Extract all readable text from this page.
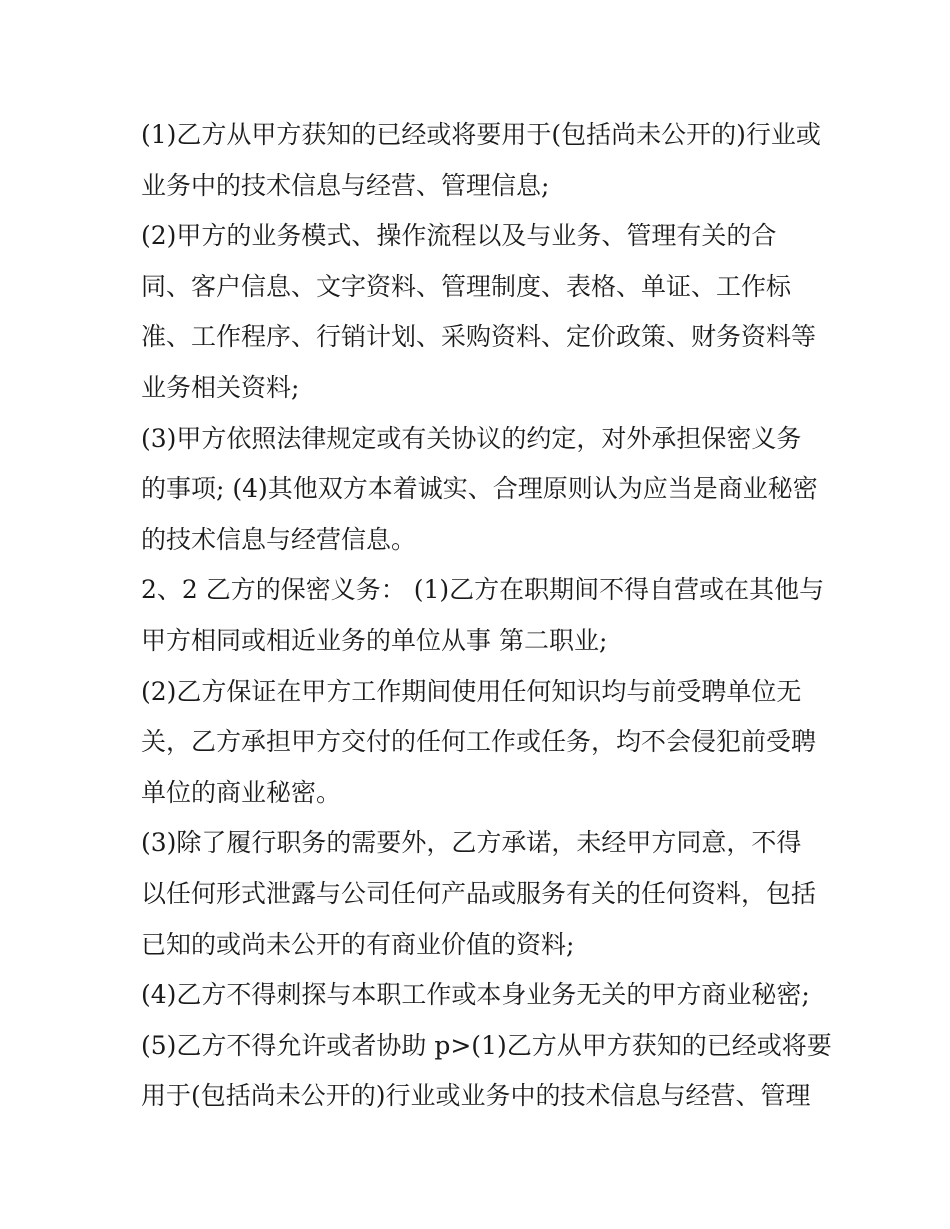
(1)乙方从甲方获知的已经或将要用于(包括尚未公开的)行业或
业务中的技术信息与经营、管理信息;
(2)甲方的业务模式、操作流程以及与业务、管理有关的合
同、客户信息、文字资料、管理制度、表格、单证、工作标
准、工作程序、行销计划、采购资料、定价政策、财务资料等
业务相关资料;
(3)甲方依照法律规定或有关协议的约定，对外承担保密义务
的事项; (4)其他双方本着诚实、合理原则认为应当是商业秘密
的技术信息与经营信息。
2、2 乙方的保密义务： (1)乙方在职期间不得自营或在其他与
甲方相同或相近业务的单位从事 第二职业;
(2)乙方保证在甲方工作期间使用任何知识均与前受聘单位无
关，乙方承担甲方交付的任何工作或任务，均不会侵犯前受聘
单位的商业秘密。
(3)除了履行职务的需要外，乙方承诺，未经甲方同意，不得
以任何形式泄露与公司任何产品或服务有关的任何资料，包括
已知的或尚未公开的有商业价值的资料;
(4)乙方不得刺探与本职工作或本身业务无关的甲方商业秘密;
(5)乙方不得允许或者协助 p>(1)乙方从甲方获知的已经或将要
用于(包括尚未公开的)行业或业务中的技术信息与经营、管理
